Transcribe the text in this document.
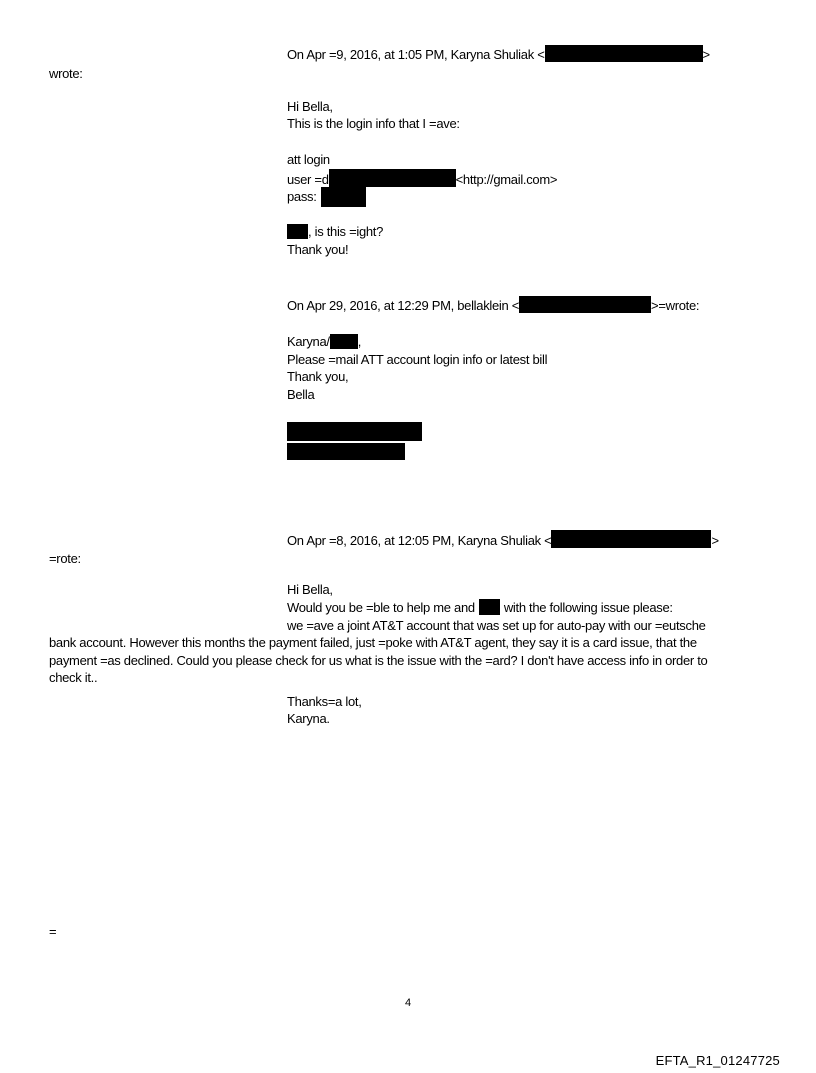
On Apr =9, 2016, at 1:05 PM, Karyna Shuliak <	>
wrote:
Hi Bella,
This is the login info that I =ave:
att login
user =d	<http://gmail.com>
pass:
, is this =ight?
Thank you!
On Apr 29, 2016, at 12:29 PM, bellaklein <	>=wrote:
Karyna/ ,
Please =mail ATT account login info or latest bill
Thank you,
Bella
On Apr =8, 2016, at 12:05 PM, Karyna Shuliak <	>
=rote:
Hi Bella,
Would you be =ble to help me and with the following issue please:
we =ave a joint AT&T account that was set up for auto-pay with our =eutsche
bank account. However this months the payment failed, just =poke with AT&T agent, they say it is a card issue, that the
payment =as declined. Could you please check for us what is the issue with the =ard? I don't have access info in order to
check it..
Thanks=a lot,
Karyna.
=
4
EFTA_R1_01247725
